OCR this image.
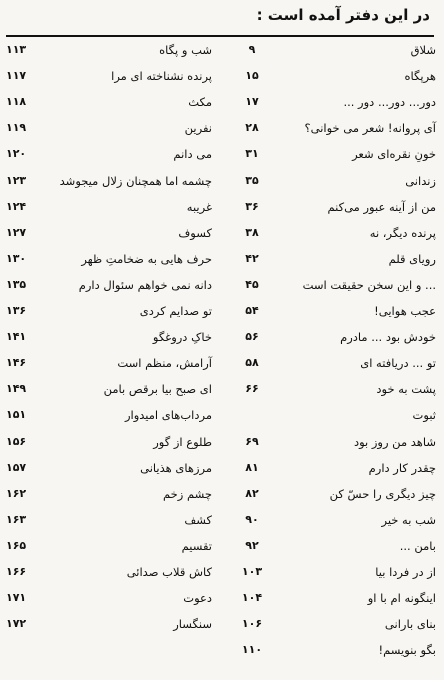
در این دفتر آمده است :
شلاق
۹
شب و پگاه
۱۱۳
هرپگاه
۱۵
پرنده نشناخته ای مرا
۱۱۷
دور... دور... دور ...
۱۷
مکث
۱۱۸
آی پروانه! شعر می خوانی؟
۲۸
نفرین
۱۱۹
خونِ نقره‌ای شعر
۳۱
می دانم
۱۲۰
زندانی
۳۵
چشمه اما همچنان زلال میجوشد
۱۲۳
من از آینه عبور می‌کنم
۳۶
غریبه
۱۲۴
پرنده دیگر، نه
۳۸
کسوف
۱۲۷
رویای قلم
۴۲
حرف هایی به ضخامتِ ظهر
۱۳۰
... و این سخن حقیقت است
۴۵
دانه نمی خواهم سئوال دارم
۱۳۵
عجب هوایی!
۵۴
تو صدایم کردی
۱۳۶
خودش بود ... مادرم
۵۶
خاکِ دروغگو
۱۴۱
تو ... دریافته ای
۵۸
آرامش، منظم است
۱۴۶
پشت به خود
۶۶
ای صبح بیا برقص بامن
۱۴۹
ثبوت
مرداب‌های امیدوار
۱۵۱
شاهد من روز بود
۶۹
طلوع از گور
۱۵۶
چقدر کار دارم
۸۱
مرزهای هذیانی
۱۵۷
چیز دیگری را حسّ کن
۸۲
چشم زخم
۱۶۲
شب به خیر
۹۰
کشف
۱۶۳
بامن ...
۹۲
تقسیم
۱۶۵
از در فردا بیا
۱۰۳
کاش قلاب صدائی
۱۶۶
اینگونه ام با او
۱۰۴
دعوت
۱۷۱
بنای بارانی
۱۰۶
سنگسار
۱۷۲
بگو بنویسم!
۱۱۰
